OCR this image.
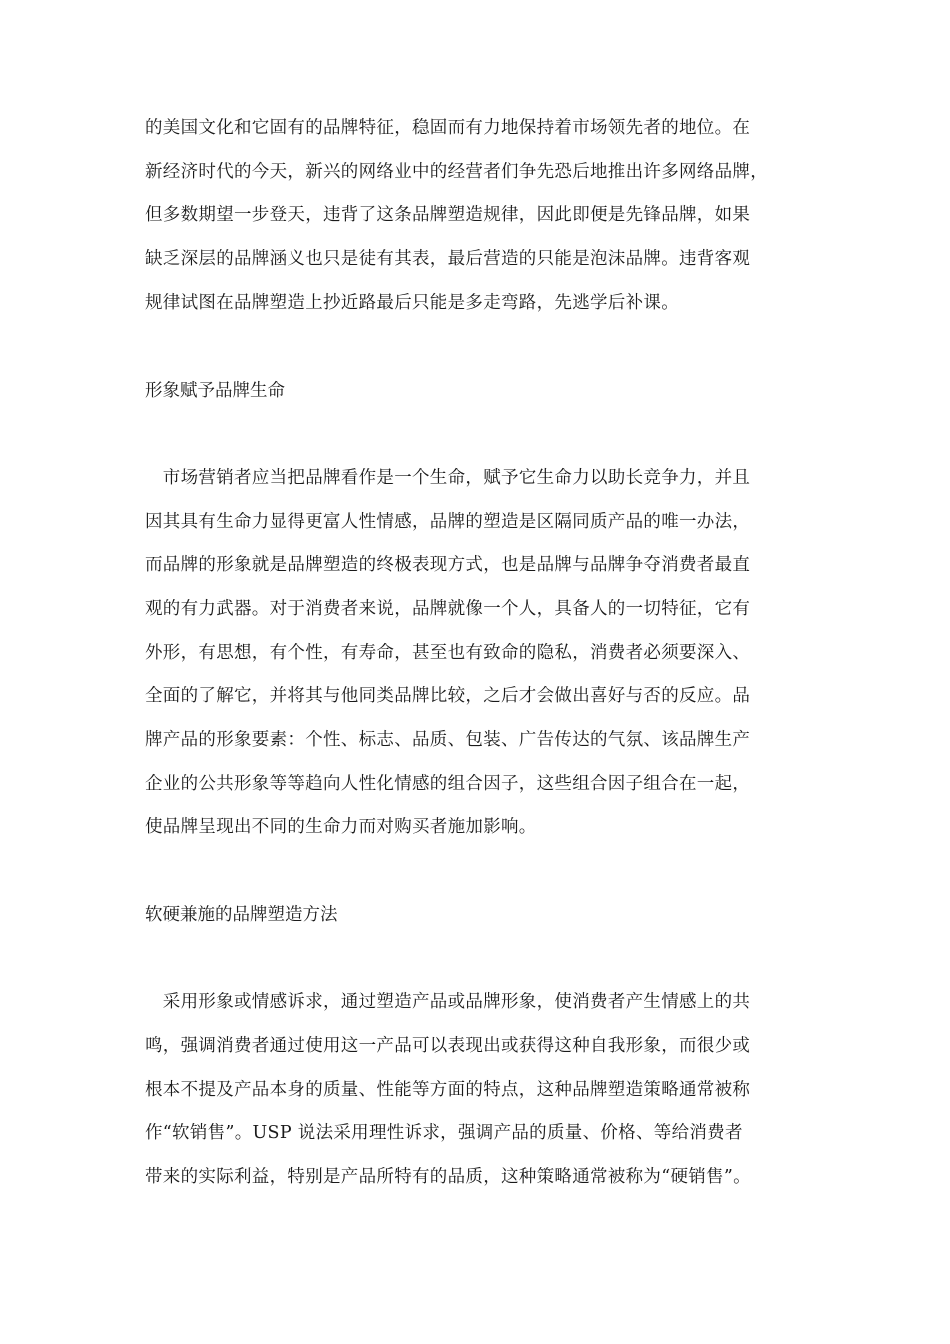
的美国文化和它固有的品牌特征，稳固而有力地保持着市场领先者的地位。在
新经济时代的今天，新兴的网络业中的经营者们争先恐后地推出许多网络品牌，
但多数期望一步登天，违背了这条品牌塑造规律，因此即便是先锋品牌，如果
缺乏深层的品牌涵义也只是徒有其表，最后营造的只能是泡沫品牌。违背客观
规律试图在品牌塑造上抄近路最后只能是多走弯路，先逃学后补课。
形象赋予品牌生命
　市场营销者应当把品牌看作是一个生命，赋予它生命力以助长竞争力，并且
因其具有生命力显得更富人性情感，品牌的塑造是区隔同质产品的唯一办法，
而品牌的形象就是品牌塑造的终极表现方式，也是品牌与品牌争夺消费者最直
观的有力武器。对于消费者来说，品牌就像一个人，具备人的一切特征，它有
外形，有思想，有个性，有寿命，甚至也有致命的隐私，消费者必须要深入、
全面的了解它，并将其与他同类品牌比较，之后才会做出喜好与否的反应。品
牌产品的形象要素：个性、标志、品质、包装、广告传达的气氛、该品牌生产
企业的公共形象等等趋向人性化情感的组合因子，这些组合因子组合在一起，
使品牌呈现出不同的生命力而对购买者施加影响。
软硬兼施的品牌塑造方法
　采用形象或情感诉求，通过塑造产品或品牌形象，使消费者产生情感上的共
鸣，强调消费者通过使用这一产品可以表现出或获得这种自我形象，而很少或
根本不提及产品本身的质量、性能等方面的特点，这种品牌塑造策略通常被称
作“软销售”。USP 说法采用理性诉求，强调产品的质量、价格、等给消费者
带来的实际利益，特别是产品所特有的品质，这种策略通常被称为“硬销售”。
